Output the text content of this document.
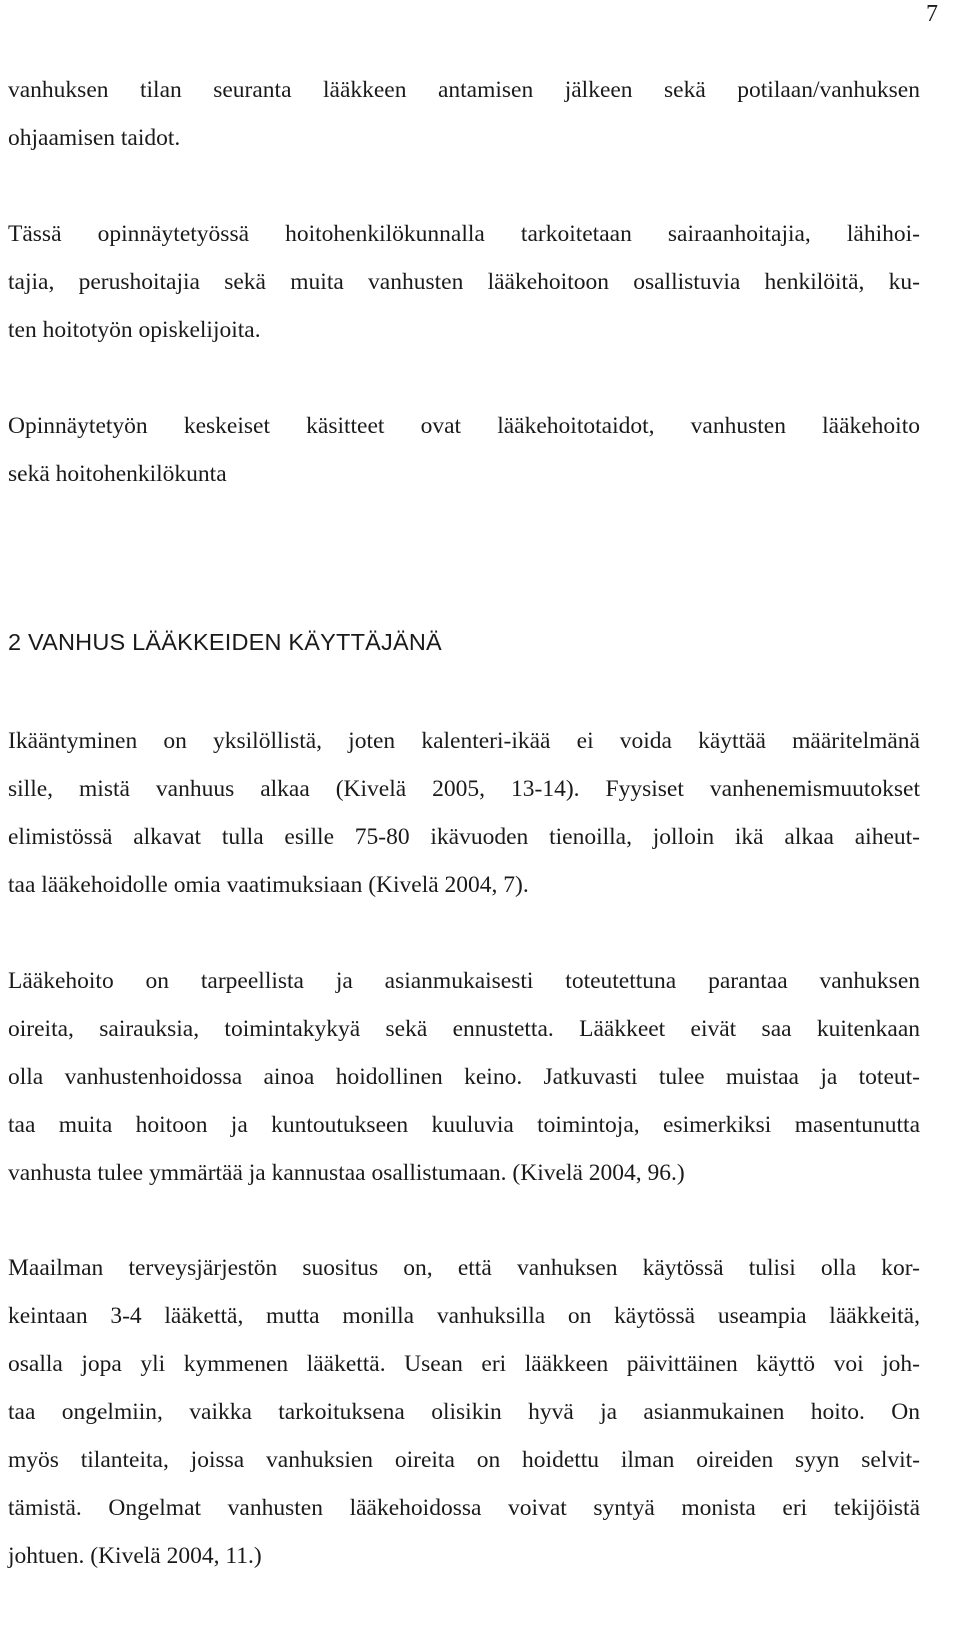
7
vanhuksen tilan seuranta lääkkeen antamisen jälkeen sekä potilaan/vanhuksen
ohjaamisen taidot.
Tässä opinnäytetyössä hoitohenkilökunnalla tarkoitetaan sairaanhoitajia, lähihoi-
tajia, perushoitajia sekä muita vanhusten lääkehoitoon osallistuvia henkilöitä, ku-
ten hoitotyön opiskelijoita.
Opinnäytetyön keskeiset käsitteet ovat lääkehoitotaidot, vanhusten lääkehoito
sekä hoitohenkilökunta
2 VANHUS LÄÄKKEIDEN KÄYTTÄJÄNÄ
Ikääntyminen on yksilöllistä, joten kalenteri-ikää ei voida käyttää määritelmänä
sille, mistä vanhuus alkaa (Kivelä 2005, 13-14). Fyysiset vanhenemismuutokset
elimistössä alkavat tulla esille 75-80 ikävuoden tienoilla, jolloin ikä alkaa aiheut-
taa lääkehoidolle omia vaatimuksiaan (Kivelä 2004, 7).
Lääkehoito on tarpeellista ja asianmukaisesti toteutettuna parantaa vanhuksen
oireita, sairauksia, toimintakykyä sekä ennustetta. Lääkkeet eivät saa kuitenkaan
olla vanhustenhoidossa ainoa hoidollinen keino. Jatkuvasti tulee muistaa ja toteut-
taa muita hoitoon ja kuntoutukseen kuuluvia toimintoja, esimerkiksi masentunutta
vanhusta tulee ymmärtää ja kannustaa osallistumaan. (Kivelä 2004, 96.)
Maailman terveysjärjestön suositus on, että vanhuksen käytössä tulisi olla kor-
keintaan 3-4 lääkettä, mutta monilla vanhuksilla on käytössä useampia lääkkeitä,
osalla jopa yli kymmenen lääkettä. Usean eri lääkkeen päivittäinen käyttö voi joh-
taa ongelmiin, vaikka tarkoituksena olisikin hyvä ja asianmukainen hoito. On
myös tilanteita, joissa vanhuksien oireita on hoidettu ilman oireiden syyn selvit-
tämistä. Ongelmat vanhusten lääkehoidossa voivat syntyä monista eri tekijöistä
johtuen. (Kivelä 2004, 11.)
